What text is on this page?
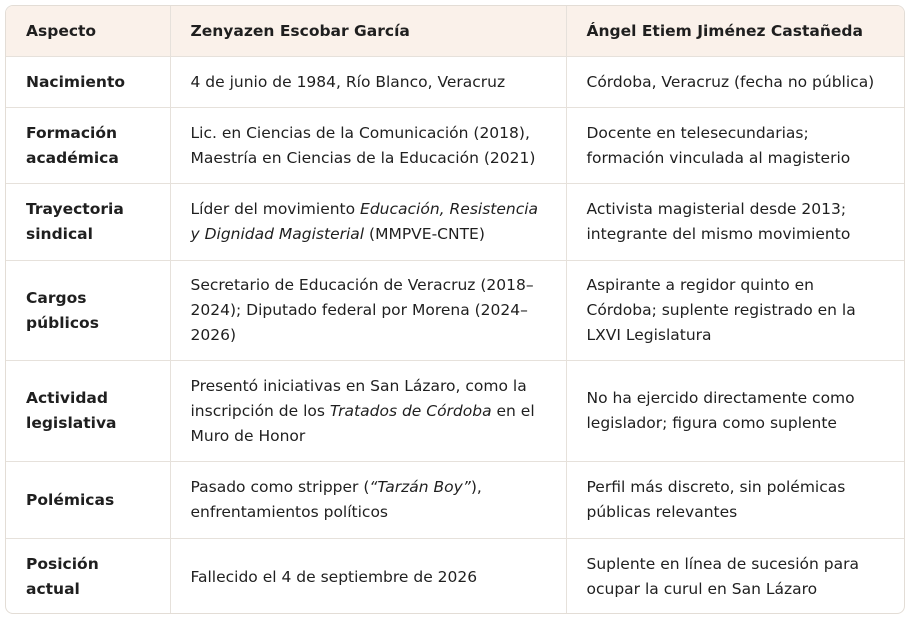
Aspecto	Zenyazen Escobar García	Ángel Etiem Jiménez Castañeda
Nacimiento	4 de junio de 1984, Río Blanco, Veracruz	Córdoba, Veracruz (fecha no pública)
Formación académica	Lic. en Ciencias de la Comunicación (2018), Maestría en Ciencias de la Educación (2021)	Docente en telesecundarias; formación vinculada al magisterio
Trayectoria sindical	Líder del movimiento Educación, Resistencia y Dignidad Magisterial (MMPVE-CNTE)	Activista magisterial desde 2013; integrante del mismo movimiento
Cargos públicos	Secretario de Educación de Veracruz (2018–2024); Diputado federal por Morena (2024–2026)	Aspirante a regidor quinto en Córdoba; suplente registrado en la LXVI Legislatura
Actividad legislativa	Presentó iniciativas en San Lázaro, como la inscripción de los Tratados de Córdoba en el Muro de Honor	No ha ejercido directamente como legislador; figura como suplente
Polémicas	Pasado como stripper (“Tarzán Boy”), enfrentamientos políticos	Perfil más discreto, sin polémicas públicas relevantes
Posición actual	Fallecido el 4 de septiembre de 2026	Suplente en línea de sucesión para ocupar la curul en San Lázaro
